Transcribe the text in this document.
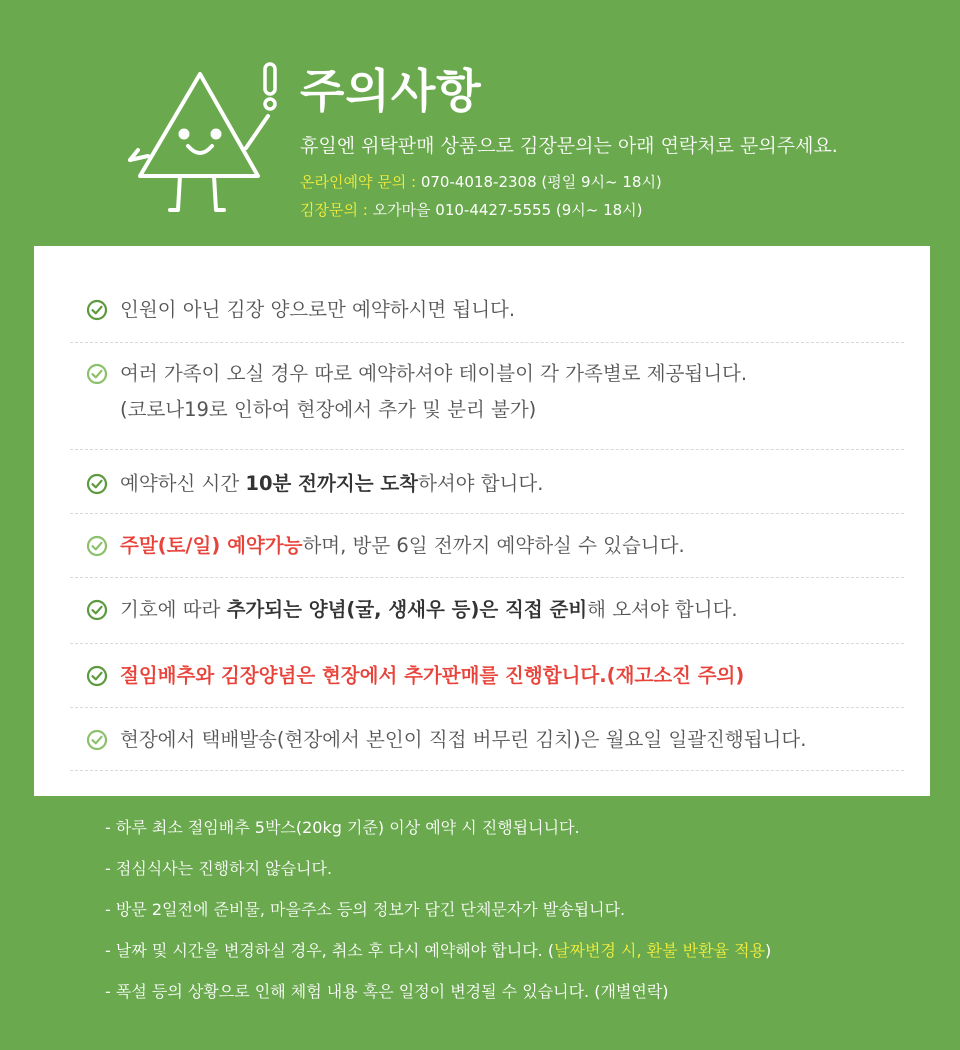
주의사항
휴일엔 위탁판매 상품으로 김장문의는 아래 연락처로 문의주세요.
온라인예약 문의 : 070-4018-2308 (평일 9시~ 18시)
김장문의 : 오가마을 010-4427-5555 (9시~ 18시)
인원이 아닌 김장 양으로만 예약하시면 됩니다.
여러 가족이 오실 경우 따로 예약하셔야 테이블이 각 가족별로 제공됩니다.
(코로나19로 인하여 현장에서 추가 및 분리 불가)
예약하신 시간 10분 전까지는 도착하셔야 합니다.
주말(토/일) 예약가능하며, 방문 6일 전까지 예약하실 수 있습니다.
기호에 따라 추가되는 양념(굴, 생새우 등)은 직접 준비해 오셔야 합니다.
절임배추와 김장양념은 현장에서 추가판매를 진행합니다.(재고소진 주의)
현장에서 택배발송(현장에서 본인이 직접 버무린 김치)은 월요일 일괄진행됩니다.
- 하루 최소 절임배추 5박스(20kg 기준) 이상 예약 시 진행됩니니다.
- 점심식사는 진행하지 않습니다.
- 방문 2일전에 준비물, 마을주소 등의 정보가 담긴 단체문자가 발송됩니다.
- 날짜 및 시간을 변경하실 경우, 취소 후 다시 예약해야 합니다. (날짜변경 시, 환불 반환율 적용)
- 폭설 등의 상황으로 인해 체험 내용 혹은 일정이 변경될 수 있습니다. (개별연락)
